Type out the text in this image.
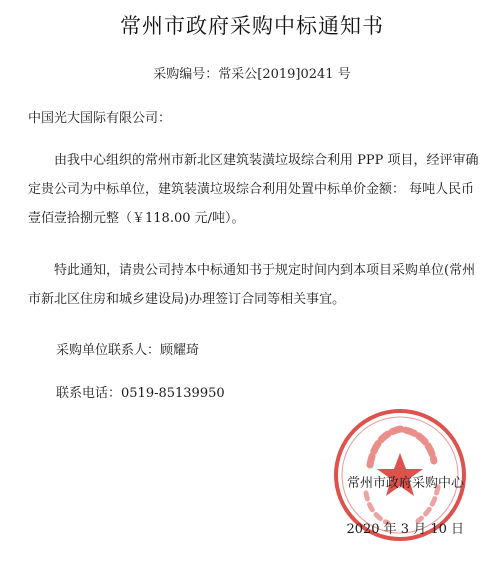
常州市政府采购中标通知书
采购编号：常采公[2019]0241 号
中国光大国际有限公司：
由我中心组织的常州市新北区建筑装潢垃圾综合利用 PPP 项目，经评审确定贵公司为中标单位，建筑装潢垃圾综合利用处置中标单价金额： 每吨人民币壹佰壹拾捌元整（￥118.00 元/吨）。
特此通知，请贵公司持本中标通知书于规定时间内到本项目采购单位(常州市新北区住房和城乡建设局)办理签订合同等相关事宜。
采购单位联系人：顾耀琦
联系电话：0519-85139950
常州市政府采购中心
2020 年 3 月 10 日
